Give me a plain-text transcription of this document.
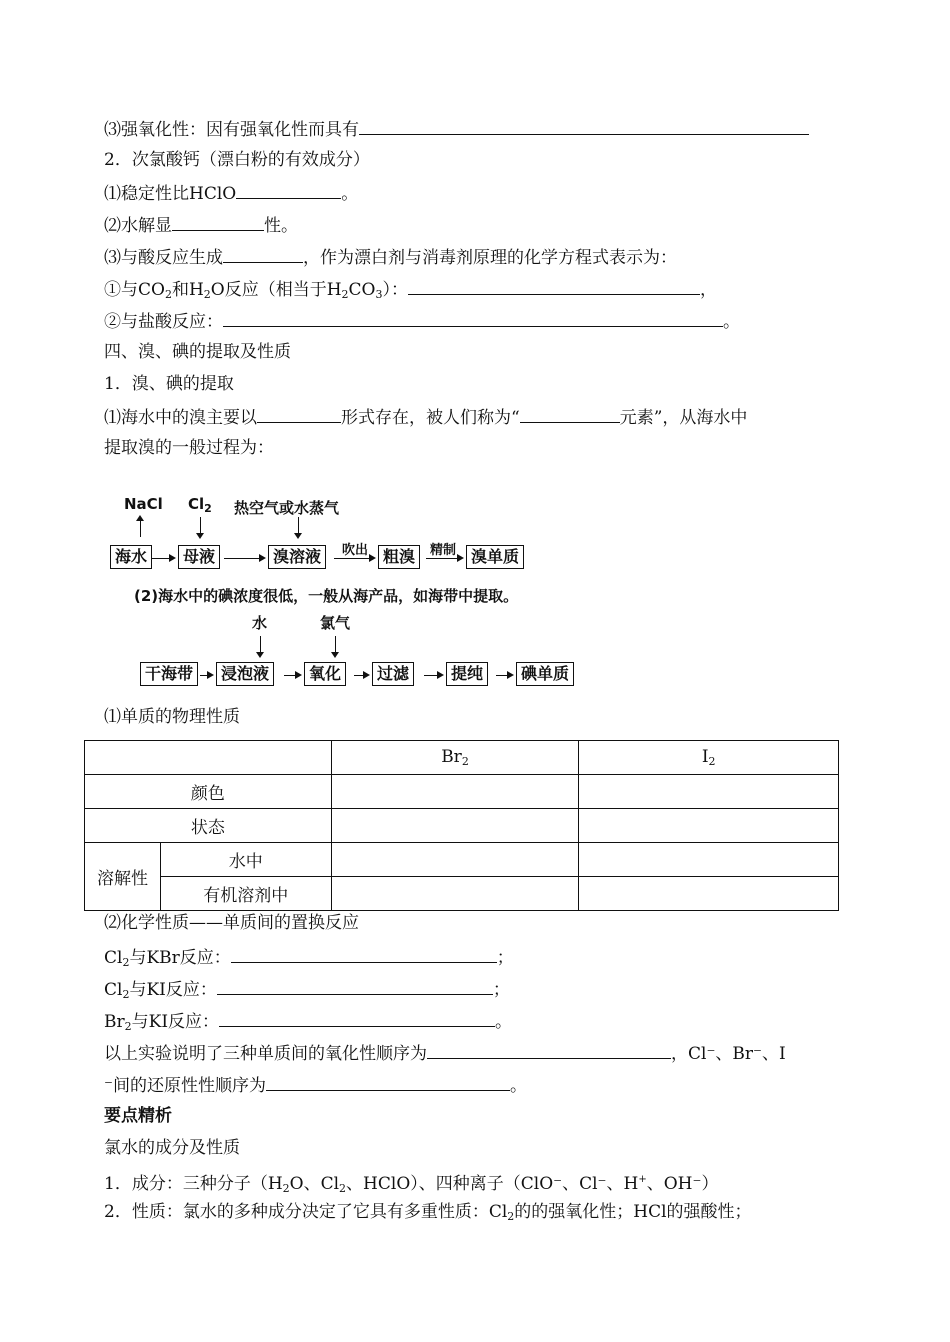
⑶强氧化性：因有强氧化性而具有
2．次氯酸钙（漂白粉的有效成分）
⑴稳定性比HClO	。
⑵水解显	性。
⑶与酸反应生成	，作为漂白剂与消毒剂原理的化学方程式表示为：
①与$CO_2$和$H_2O$反应（相当于$H_2CO_3$）：	，
②与盐酸反应：	。
四、溴、碘的提取及性质
1．溴、碘的提取
⑴海水中的溴主要以	形式存在，被人们称为“	元素”，从海水中
提取溴的一般过程为：
NaCl $Cl_2$ 热空气或水蒸气
海水	母液	溴溶液	吹出 粗溴	精制 溴单质
(2)海水中的碘浓度很低，一般从海产品，如海带中提取。
水	氯气
干海带	浸泡液	氧化	过滤	提纯	碘单质
⑴单质的物理性质
		$Br_2$	$I_2$
颜色			
状态			
溶解性	水中		
	有机溶剂中		
⑵化学性质——单质间的置换反应
$Cl_2$与KBr反应：	；
$Cl_2$与KI反应：	；
$Br_2$与KI反应：	。
以上实验说明了三种单质间的氧化性顺序为	，Cl⁻、Br⁻、I
⁻间的还原性性顺序为	。
要点精析
氯水的成分及性质
1．成分：三种分子（$H_2O$、$Cl_2$、HClO）、四种离子（ClO⁻、Cl⁻、H+、OH⁻）
2．性质：氯水的多种成分决定了它具有多重性质：$Cl_2$的的强氧化性；HCl的强酸性；
